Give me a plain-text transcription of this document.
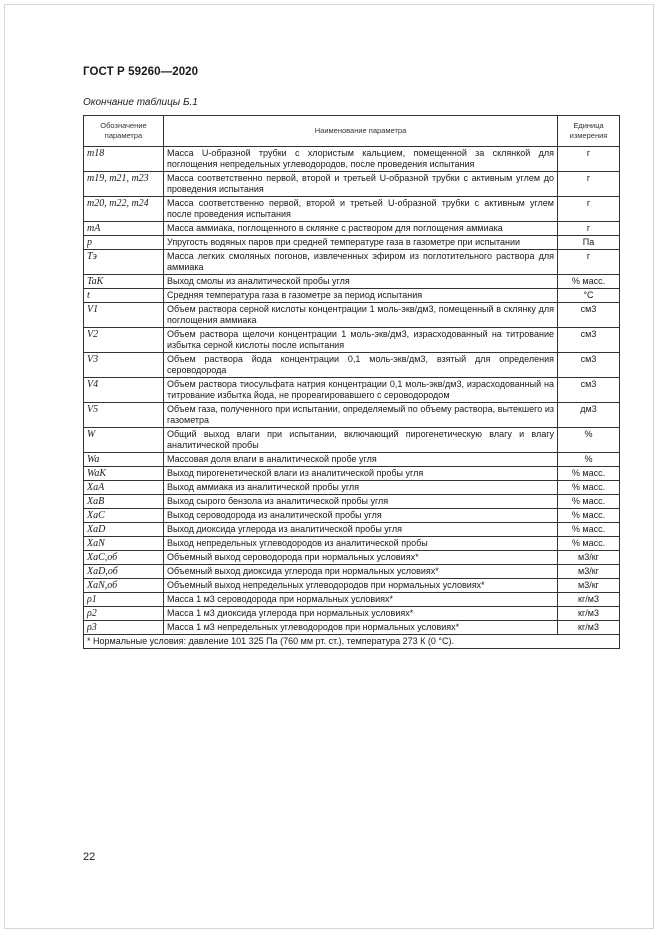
ГОСТ Р 59260—2020
Окончание таблицы Б.1
Обозначение параметра	Наименование параметра	Единица измерения
m18	Масса U-образной трубки с хлористым кальцием, помещенной за склянкой для поглощения непредельных углеводородов, после проведения испытания	г
m19, m21, m23	Масса соответственно первой, второй и третьей U-образной трубки с активным углем до проведения испытания	г
m20, m22, m24	Масса соответственно первой, второй и третьей U-образной трубки с активным углем после проведения испытания	г
mA	Масса аммиака, поглощенного в склянке с раствором для поглощения аммиака	г
p	Упругость водяных паров при средней температуре газа в газометре при испытании	Па
Tэ	Масса легких смоляных погонов, извлеченных эфиром из поглотительного раствора для аммиака	г
TaK	Выход смолы из аналитической пробы угля	% масс.
t	Средняя температура газа в газометре за период испытания	°C
V1	Объем раствора серной кислоты концентрации 1 моль-экв/дм3, помещенный в склянку для поглощения аммиака	см3
V2	Объем раствора щелочи концентрации 1 моль-экв/дм3, израсходованный на титрование избытка серной кислоты после испытания	см3
V3	Объем раствора йода концентрации 0,1 моль-экв/дм3, взятый для определения сероводорода	см3
V4	Объем раствора тиосульфата натрия концентрации 0,1 моль-экв/дм3, израсходованный на титрование избытка йода, не прореагировавшего с сероводородом	см3
V5	Объем газа, полученного при испытании, определяемый по объему раствора, вытекшего из газометра	дм3
W	Общий выход влаги при испытании, включающий пирогенетическую влагу и влагу аналитической пробы	%
Wa	Массовая доля влаги в аналитической пробе угля	%
WaK	Выход пирогенетической влаги из аналитической пробы угля	% масс.
XaA	Выход аммиака из аналитической пробы угля	% масс.
XaB	Выход сырого бензола из аналитической пробы угля	% масс.
XaC	Выход сероводорода из аналитической пробы угля	% масс.
XaD	Выход диоксида углерода из аналитической пробы угля	% масс.
XaN	Выход непредельных углеводородов из аналитической пробы	% масс.
XaC,об	Объемный выход сероводорода при нормальных условиях*	м3/кг
XaD,об	Объемный выход диоксида углерода при нормальных условиях*	м3/кг
XaN,об	Объемный выход непредельных углеводородов при нормальных условиях*	м3/кг
ρ1	Масса 1 м3 сероводорода при нормальных условиях*	кг/м3
ρ2	Масса 1 м3 диоксида углерода при нормальных условиях*	кг/м3
ρ3	Масса 1 м3 непредельных углеводородов при нормальных условиях*	кг/м3
* Нормальные условия: давление 101 325 Па (760 мм рт. ст.), температура 273 К (0 °С).		
22
